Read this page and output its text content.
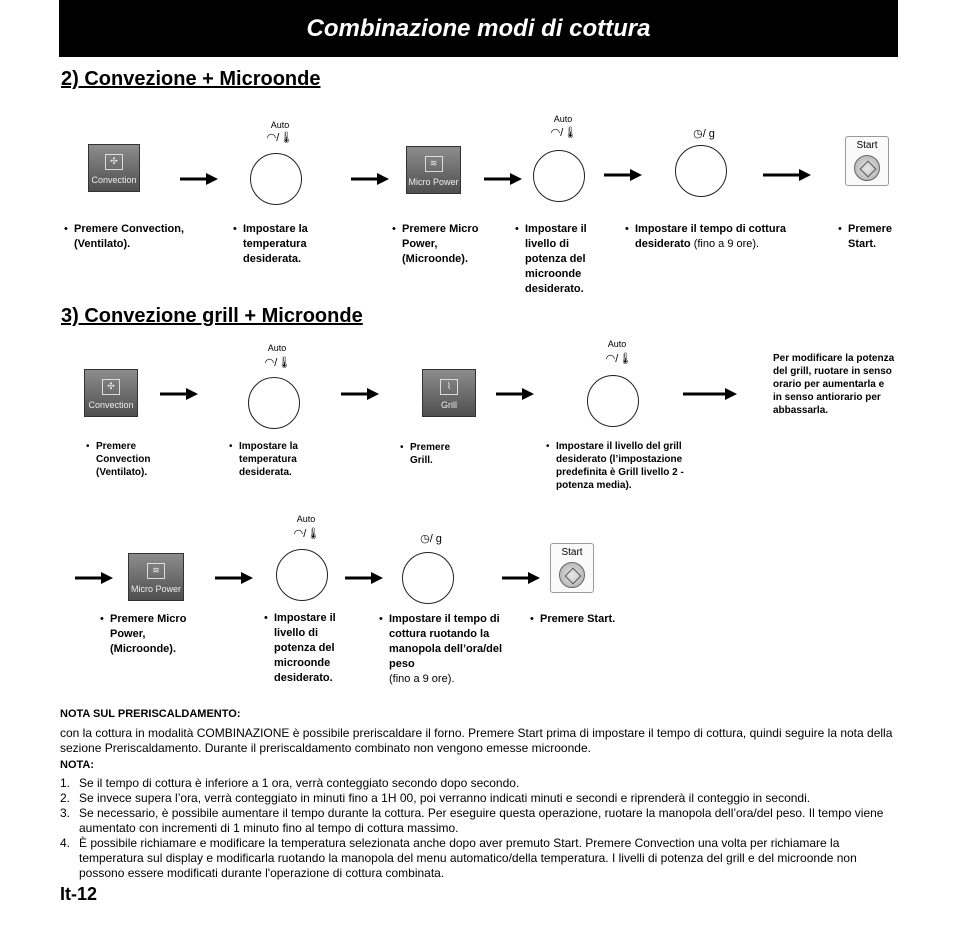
Combinazione modi di cottura
2) Convezione + Microonde
✣
Convection
Auto
◠/🌡
≋
Micro Power
Auto
◠/🌡	◷/ g
Start
• Premere Convection, (Ventilato).
• Impostare la temperatura desiderata.
• Premere Micro Power, (Microonde).
• Impostare il livello di potenza del microonde desiderato.
• Impostare il tempo di cottura desiderato (fino a 9 ore).
• Premere Start.
3) Convezione grill + Microonde
✣
Convection
Auto
◠/🌡
⌇
Grill
Auto
◠/🌡	Per modificare la potenza del grill, ruotare in senso orario per aumentarla e in senso antiorario per abbassarla.
• Premere Convection (Ventilato).
• Impostare la temperatura desiderata.
• Premere Grill.
• Impostare il livello del grill desiderato (l’impostazione predefinita è Grill livello 2 - potenza media).
≋
Micro Power
Auto
◠/🌡	◷/ g
Start
• Premere Micro Power, (Microonde).
• Impostare il livello di potenza del microonde desiderato.
• Impostare il tempo di cottura ruotando la manopola dell’ora/del peso
(fino a 9 ore).
• Premere Start.
NOTA SUL PRERISCALDAMENTO:
con la cottura in modalità COMBINAZIONE è possibile preriscaldare il forno. Premere Start prima di impostare il tempo di cottura, quindi seguire la nota della sezione Preriscaldamento. Durante il preriscaldamento combinato non vengono emesse microonde.
NOTA:
1. Se il tempo di cottura è inferiore a 1 ora, verrà conteggiato secondo dopo secondo.
2. Se invece supera l’ora, verrà conteggiato in minuti fino a 1H 00, poi verranno indicati minuti e secondi e riprenderà il conteggio in secondi.
3. Se necessario, è possibile aumentare il tempo durante la cottura. Per eseguire questa operazione, ruotare la manopola dell’ora/del peso. Il tempo viene aumentato con incrementi di 1 minuto fino al tempo di cottura massimo.
4. È possibile richiamare e modificare la temperatura selezionata anche dopo aver premuto Start. Premere Convection una volta per richiamare la temperatura sul display e modificarla ruotando la manopola del menu automatico/della temperatura. I livelli di potenza del grill e del microonde non possono essere modificati durante l'operazione di cottura combinata.
It-12
